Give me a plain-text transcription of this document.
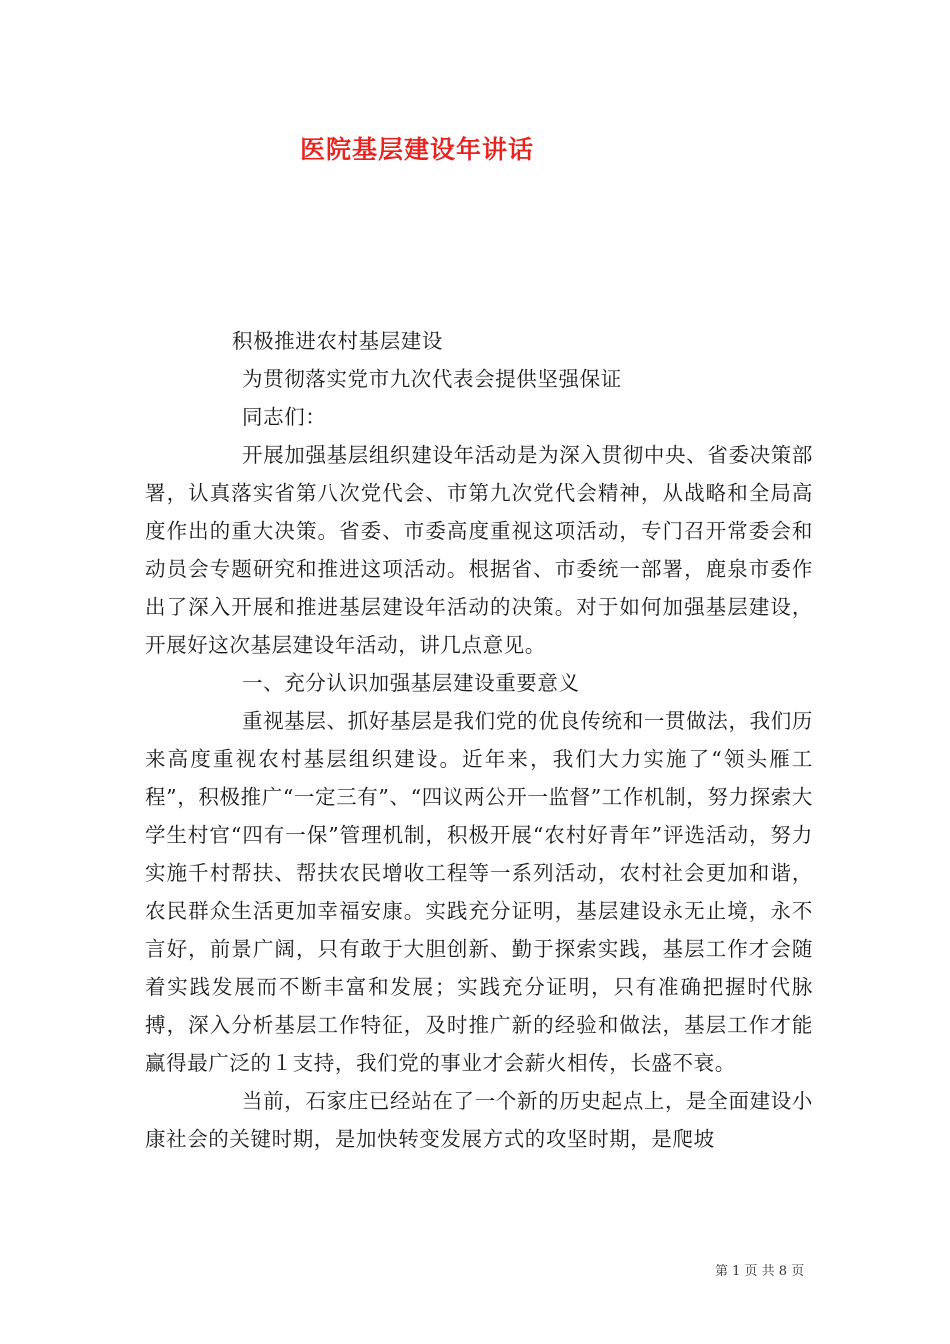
医院基层建设年讲话

积极推进农村基层建设

为贯彻落实党市九次代表会提供坚强保证

同志们：

开展加强基层组织建设年活动是为深入贯彻中央、省委决策部署，认真落实省第八次党代会、市第九次党代会精神，从战略和全局高度作出的重大决策。省委、市委高度重视这项活动，专门召开常委会和动员会专题研究和推进这项活动。根据省、市委统一部署，鹿泉市委作出了深入开展和推进基层建设年活动的决策。对于如何加强基层建设，开展好这次基层建设年活动，讲几点意见。

一、充分认识加强基层建设重要意义

重视基层、抓好基层是我们党的优良传统和一贯做法，我们历来高度重视农村基层组织建设。近年来，我们大力实施了“领头雁工程”，积极推广“一定三有”、“四议两公开一监督”工作机制，努力探索大学生村官“四有一保”管理机制，积极开展“农村好青年”评选活动，努力实施千村帮扶、帮扶农民增收工程等一系列活动，农村社会更加和谐，农民群众生活更加幸福安康。实践充分证明，基层建设永无止境，永不言好，前景广阔，只有敢于大胆创新、勤于探索实践，基层工作才会随着实践发展而不断丰富和发展；实践充分证明，只有准确把握时代脉搏，深入分析基层工作特征，及时推广新的经验和做法，基层工作才能赢得最广泛的１支持，我们党的事业才会薪火相传，长盛不衰。

当前，石家庄已经站在了一个新的历史起点上，是全面建设小康社会的关键时期，是加快转变发展方式的攻坚时期，是爬坡

第 1 页 共 8 页
